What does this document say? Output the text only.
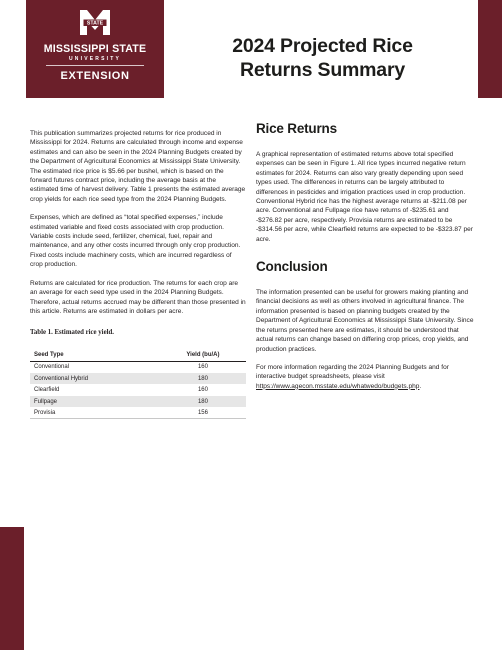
STATE
MISSISSIPPI STATE
UNIVERSITY
EXTENSION
2024 Projected Rice
Returns Summary

This publication summarizes projected returns for rice produced in Mississippi for 2024. Returns are calculated through income and expense estimates and can also be seen in the 2024 Planning Budgets created by the Department of Agricultural Economics at Mississippi State University. The estimated rice price is $5.66 per bushel, which is based on the forward futures contract price, including the average basis at the estimated time of harvest delivery. Table 1 presents the estimated average crop yields for each rice seed type from the 2024 Planning Budgets.

Expenses, which are defined as “total specified expenses,” include estimated variable and fixed costs associated with crop production. Variable costs include seed, fertilizer, chemical, fuel, repair and maintenance, and any other costs incurred through only crop production. Fixed costs include machinery costs, which are incurred regardless of crop production.

Returns are calculated for rice production. The returns for each crop are an average for each seed type used in the 2024 Planning Budgets. Therefore, actual returns accrued may be different than those presented in this article. Returns are estimated in dollars per acre.

Table 1. Estimated rice yield.
Seed Type	Yield (bu/A)
Conventional	160
Conventional Hybrid	180
Clearfield	160
Fullpage	180
Provisia	156
Rice Returns

A graphical representation of estimated returns above total specified expenses can be seen in Figure 1. All rice types incurred negative return estimates for 2024. Returns can also vary greatly depending upon seed types used. The differences in returns can be largely attributed to differences in pesticides and irrigation practices used in crop production. Conventional Hybrid rice has the highest average returns at -$211.08 per acre. Conventional and Fullpage rice have returns of -$235.61 and -$276.82 per acre, respectively. Provisia returns are estimated to be -$314.56 per acre, while Clearfield returns are expected to be -$323.87 per acre.

Conclusion

The information presented can be useful for growers making planting and financial decisions as well as others involved in agricultural finance. The information presented is based on planning budgets created by the Department of Agricultural Economics at Mississippi State University. Since the returns presented here are estimates, it should be understood that actual returns can change based on differing crop prices, crop yields, and production practices.

For more information regarding the 2024 Planning Budgets and for interactive budget spreadsheets, please visit https://www.agecon.msstate.edu/whatwedo/budgets.php.
